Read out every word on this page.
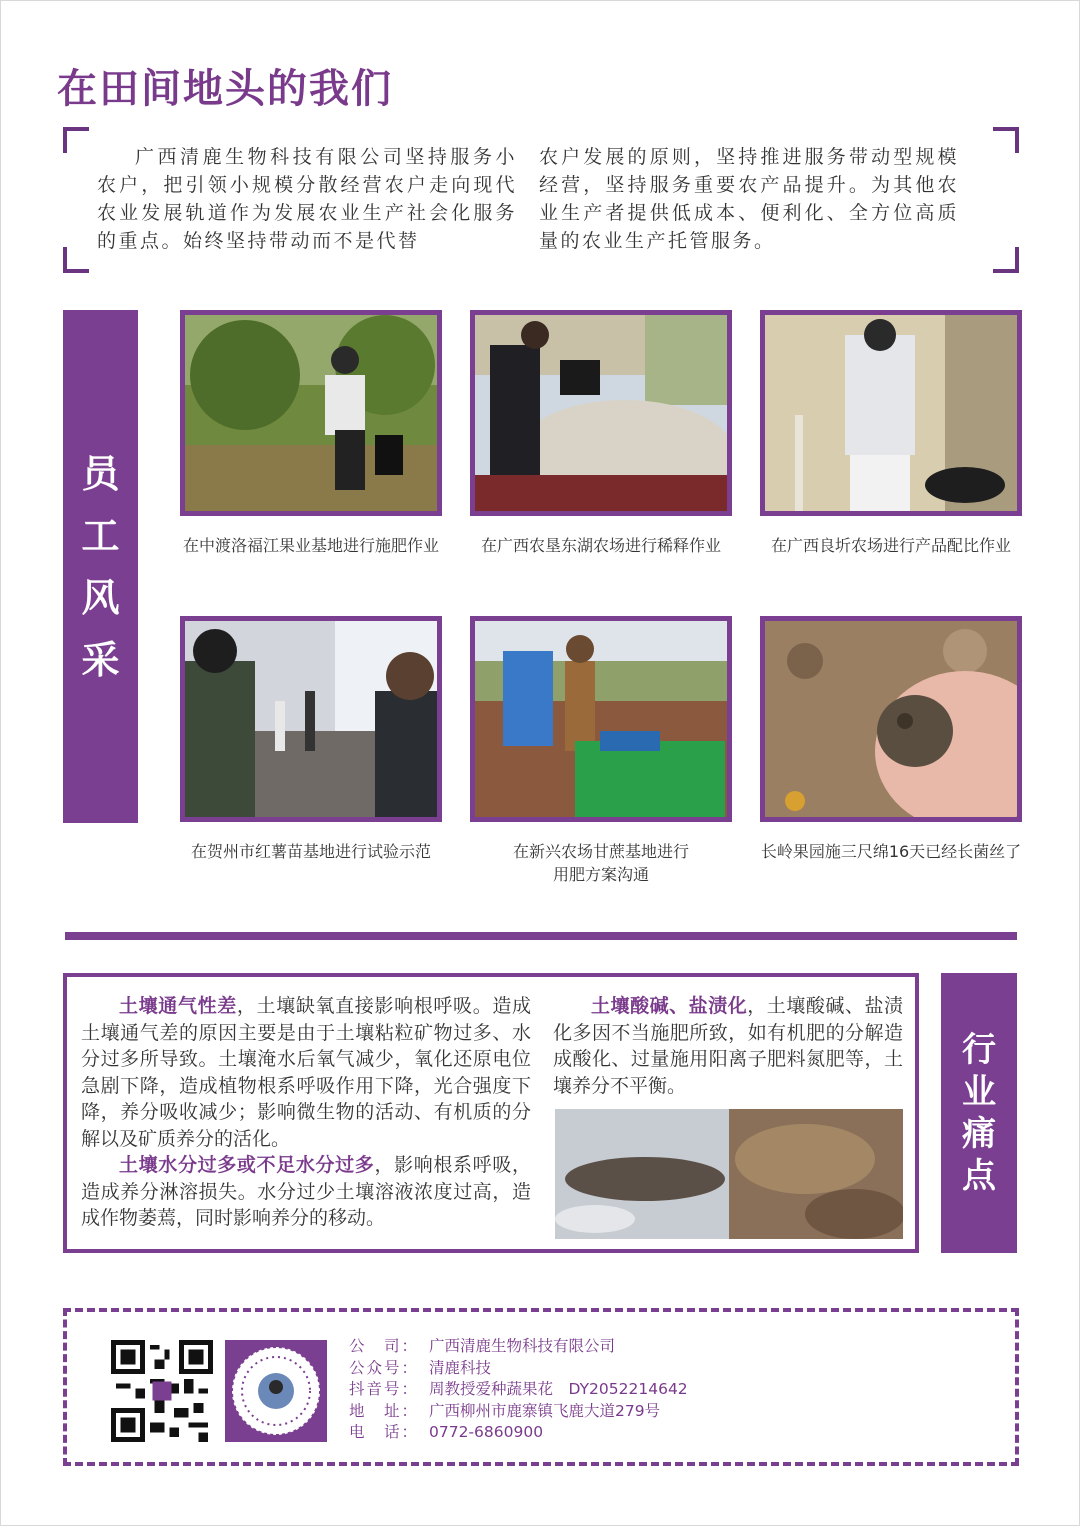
在田间地头的我们
广西清鹿生物科技有限公司坚持服务小农户，把引领小规模分散经营农户走向现代农业发展轨道作为发展农业生产社会化服务的重点。始终坚持带动而不是代替
农户发展的原则，坚持推进服务带动型规模经营，坚持服务重要农产品提升。为其他农业生产者提供低成本、便利化、全方位高质量的农业生产托管服务。
员
工
风
采
在中渡洛福江果业基地进行施肥作业	在广西农垦东湖农场进行稀释作业	在广西良圻农场进行产品配比作业
在贺州市红薯苗基地进行试验示范	在新兴农场甘蔗基地进行
用肥方案沟通
长岭果园施三尺绵16天已经长菌丝了

土壤通气性差，土壤缺氧直接影响根呼吸。造成土壤通气差的原因主要是由于土壤粘粒矿物过多、水分过多所导致。土壤淹水后氧气减少，氧化还原电位急剧下降，造成植物根系呼吸作用下降，光合强度下降，养分吸收减少；影响微生物的活动、有机质的分解以及矿质养分的活化。

土壤水分过多或不足水分过多，影响根系呼吸，造成养分淋溶损失。水分过少土壤溶液浓度过高，造成作物萎蔫，同时影响养分的移动。

土壤酸碱、盐渍化，土壤酸碱、盐渍化多因不当施肥所致，如有机肥的分解造成酸化、过量施用阳离子肥料氮肥等，土壤养分不平衡。

行
业
痛
点
公　司： 广西清鹿生物科技有限公司
公众号： 清鹿科技
抖音号： 周教授爱种蔬果花　DY2052214642
地　址： 广西柳州市鹿寨镇飞鹿大道279号
电　话： 0772-6860900
